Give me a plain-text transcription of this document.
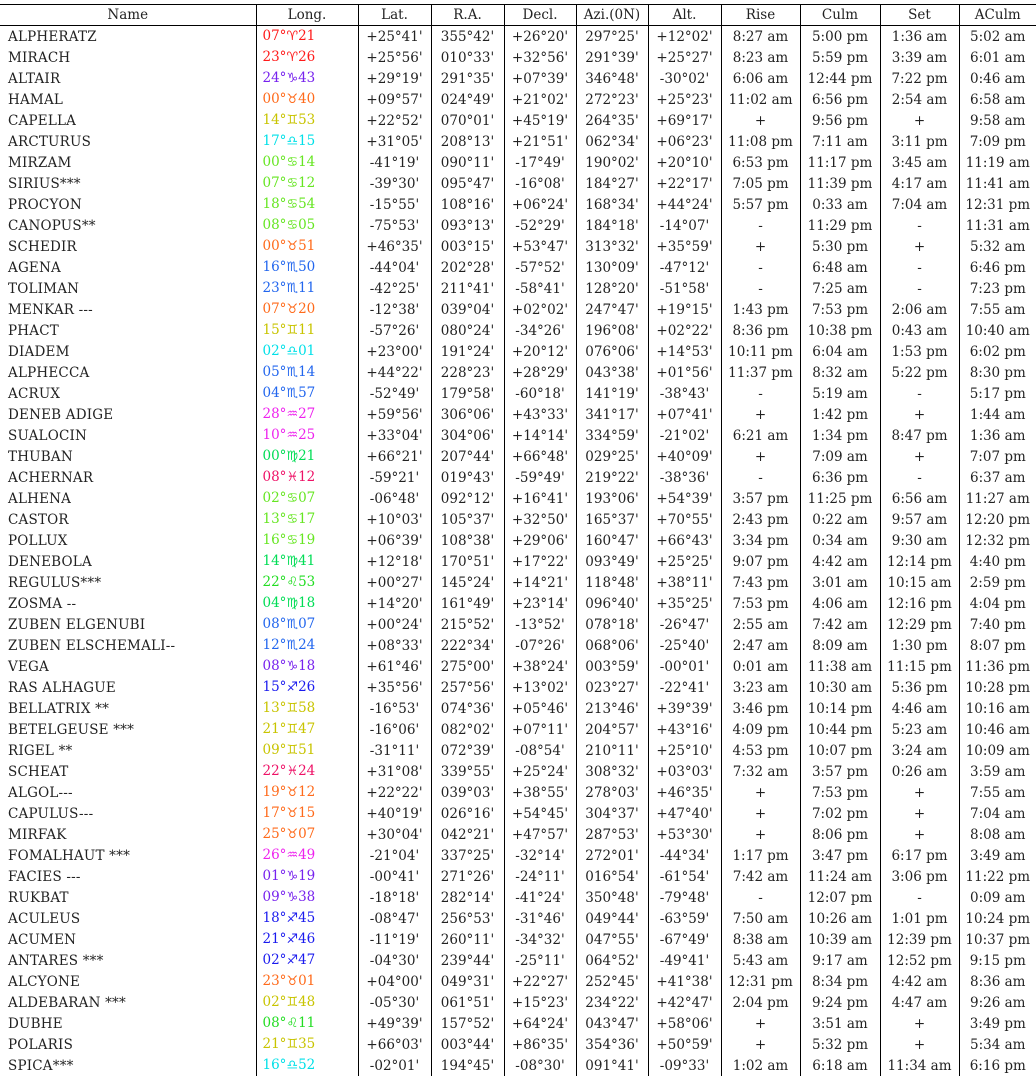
Name	Long.	Lat.	R.A.	Decl.	Azi.(0N)	Alt.	Rise	Culm	Set	ACulm
ALPHERATZ	07°♈21	+25°41'	355°42'	+26°20'	297°25'	+12°02'	8:27 am	5:00 pm	1:36 am	5:02 am
MIRACH	23°♈26	+25°56'	010°33'	+32°56'	291°39'	+25°27'	8:23 am	5:59 pm	3:39 am	6:01 am
ALTAIR	24°♑43	+29°19'	291°35'	+07°39'	346°48'	-30°02'	6:06 am	12:44 pm	7:22 pm	0:46 am
HAMAL	00°♉40	+09°57'	024°49'	+21°02'	272°23'	+25°23'	11:02 am	6:56 pm	2:54 am	6:58 am
CAPELLA	14°♊53	+22°52'	070°01'	+45°19'	264°35'	+69°17'	+	9:56 pm	+	9:58 am
ARCTURUS	17°♎15	+31°05'	208°13'	+21°51'	062°34'	+06°23'	11:08 pm	7:11 am	3:11 pm	7:09 pm
MIRZAM	00°♋14	-41°19'	090°11'	-17°49'	190°02'	+20°10'	6:53 pm	11:17 pm	3:45 am	11:19 am
SIRIUS***	07°♋12	-39°30'	095°47'	-16°08'	184°27'	+22°17'	7:05 pm	11:39 pm	4:17 am	11:41 am
PROCYON	18°♋54	-15°55'	108°16'	+06°24'	168°34'	+44°24'	5:57 pm	0:33 am	7:04 am	12:31 pm
CANOPUS**	08°♋05	-75°53'	093°13'	-52°29'	184°18'	-14°07'	-	11:29 pm	-	11:31 am
SCHEDIR	00°♉51	+46°35'	003°15'	+53°47'	313°32'	+35°59'	+	5:30 pm	+	5:32 am
AGENA	16°♏50	-44°04'	202°28'	-57°52'	130°09'	-47°12'	-	6:48 am	-	6:46 pm
TOLIMAN	23°♏11	-42°25'	211°41'	-58°41'	128°20'	-51°58'	-	7:25 am	-	7:23 pm
MENKAR ---	07°♉20	-12°38'	039°04'	+02°02'	247°47'	+19°15'	1:43 pm	7:53 pm	2:06 am	7:55 am
PHACT	15°♊11	-57°26'	080°24'	-34°26'	196°08'	+02°22'	8:36 pm	10:38 pm	0:43 am	10:40 am
DIADEM	02°♎01	+23°00'	191°24'	+20°12'	076°06'	+14°53'	10:11 pm	6:04 am	1:53 pm	6:02 pm
ALPHECCA	05°♏14	+44°22'	228°23'	+28°29'	043°38'	+01°56'	11:37 pm	8:32 am	5:22 pm	8:30 pm
ACRUX	04°♏57	-52°49'	179°58'	-60°18'	141°19'	-38°43'	-	5:19 am	-	5:17 pm
DENEB ADIGE	28°♒27	+59°56'	306°06'	+43°33'	341°17'	+07°41'	+	1:42 pm	+	1:44 am
SUALOCIN	10°♒25	+33°04'	304°06'	+14°14'	334°59'	-21°02'	6:21 am	1:34 pm	8:47 pm	1:36 am
THUBAN	00°♍21	+66°21'	207°44'	+66°48'	029°25'	+40°09'	+	7:09 am	+	7:07 pm
ACHERNAR	08°♓12	-59°21'	019°43'	-59°49'	219°22'	-38°36'	-	6:36 pm	-	6:37 am
ALHENA	02°♋07	-06°48'	092°12'	+16°41'	193°06'	+54°39'	3:57 pm	11:25 pm	6:56 am	11:27 am
CASTOR	13°♋17	+10°03'	105°37'	+32°50'	165°37'	+70°55'	2:43 pm	0:22 am	9:57 am	12:20 pm
POLLUX	16°♋19	+06°39'	108°38'	+29°06'	160°47'	+66°43'	3:34 pm	0:34 am	9:30 am	12:32 pm
DENEBOLA	14°♍41	+12°18'	170°51'	+17°22'	093°49'	+25°25'	9:07 pm	4:42 am	12:14 pm	4:40 pm
REGULUS***	22°♌53	+00°27'	145°24'	+14°21'	118°48'	+38°11'	7:43 pm	3:01 am	10:15 am	2:59 pm
ZOSMA --	04°♍18	+14°20'	161°49'	+23°14'	096°40'	+35°25'	7:53 pm	4:06 am	12:16 pm	4:04 pm
ZUBEN ELGENUBI	08°♏07	+00°24'	215°52'	-13°52'	078°18'	-26°47'	2:55 am	7:42 am	12:29 pm	7:40 pm
ZUBEN ELSCHEMALI--	12°♏24	+08°33'	222°34'	-07°26'	068°06'	-25°40'	2:47 am	8:09 am	1:30 pm	8:07 pm
VEGA	08°♑18	+61°46'	275°00'	+38°24'	003°59'	-00°01'	0:01 am	11:38 am	11:15 pm	11:36 pm
RAS ALHAGUE	15°♐26	+35°56'	257°56'	+13°02'	023°27'	-22°41'	3:23 am	10:30 am	5:36 pm	10:28 pm
BELLATRIX **	13°♊58	-16°53'	074°36'	+05°46'	213°46'	+39°39'	3:46 pm	10:14 pm	4:46 am	10:16 am
BETELGEUSE ***	21°♊47	-16°06'	082°02'	+07°11'	204°57'	+43°16'	4:09 pm	10:44 pm	5:23 am	10:46 am
RIGEL **	09°♊51	-31°11'	072°39'	-08°54'	210°11'	+25°10'	4:53 pm	10:07 pm	3:24 am	10:09 am
SCHEAT	22°♓24	+31°08'	339°55'	+25°24'	308°32'	+03°03'	7:32 am	3:57 pm	0:26 am	3:59 am
ALGOL---	19°♉12	+22°22'	039°03'	+38°55'	278°03'	+46°35'	+	7:53 pm	+	7:55 am
CAPULUS---	17°♉15	+40°19'	026°16'	+54°45'	304°37'	+47°40'	+	7:02 pm	+	7:04 am
MIRFAK	25°♉07	+30°04'	042°21'	+47°57'	287°53'	+53°30'	+	8:06 pm	+	8:08 am
FOMALHAUT ***	26°♒49	-21°04'	337°25'	-32°14'	272°01'	-44°34'	1:17 pm	3:47 pm	6:17 pm	3:49 am
FACIES ---	01°♑19	-00°41'	271°26'	-24°11'	016°54'	-61°54'	7:42 am	11:24 am	3:06 pm	11:22 pm
RUKBAT	09°♑38	-18°18'	282°14'	-41°24'	350°48'	-79°48'	-	12:07 pm	-	0:09 am
ACULEUS	18°♐45	-08°47'	256°53'	-31°46'	049°44'	-63°59'	7:50 am	10:26 am	1:01 pm	10:24 pm
ACUMEN	21°♐46	-11°19'	260°11'	-34°32'	047°55'	-67°49'	8:38 am	10:39 am	12:39 pm	10:37 pm
ANTARES ***	02°♐47	-04°30'	239°44'	-25°11'	064°52'	-49°41'	5:43 am	9:17 am	12:52 pm	9:15 pm
ALCYONE	23°♉01	+04°00'	049°31'	+22°27'	252°45'	+41°38'	12:31 pm	8:34 pm	4:42 am	8:36 am
ALDEBARAN ***	02°♊48	-05°30'	061°51'	+15°23'	234°22'	+42°47'	2:04 pm	9:24 pm	4:47 am	9:26 am
DUBHE	08°♌11	+49°39'	157°52'	+64°24'	043°47'	+58°06'	+	3:51 am	+	3:49 pm
POLARIS	21°♊35	+66°03'	003°44'	+86°35'	354°36'	+50°59'	+	5:32 pm	+	5:34 am
SPICA***	16°♎52	-02°01'	194°45'	-08°30'	091°41'	-09°33'	1:02 am	6:18 am	11:34 am	6:16 pm
